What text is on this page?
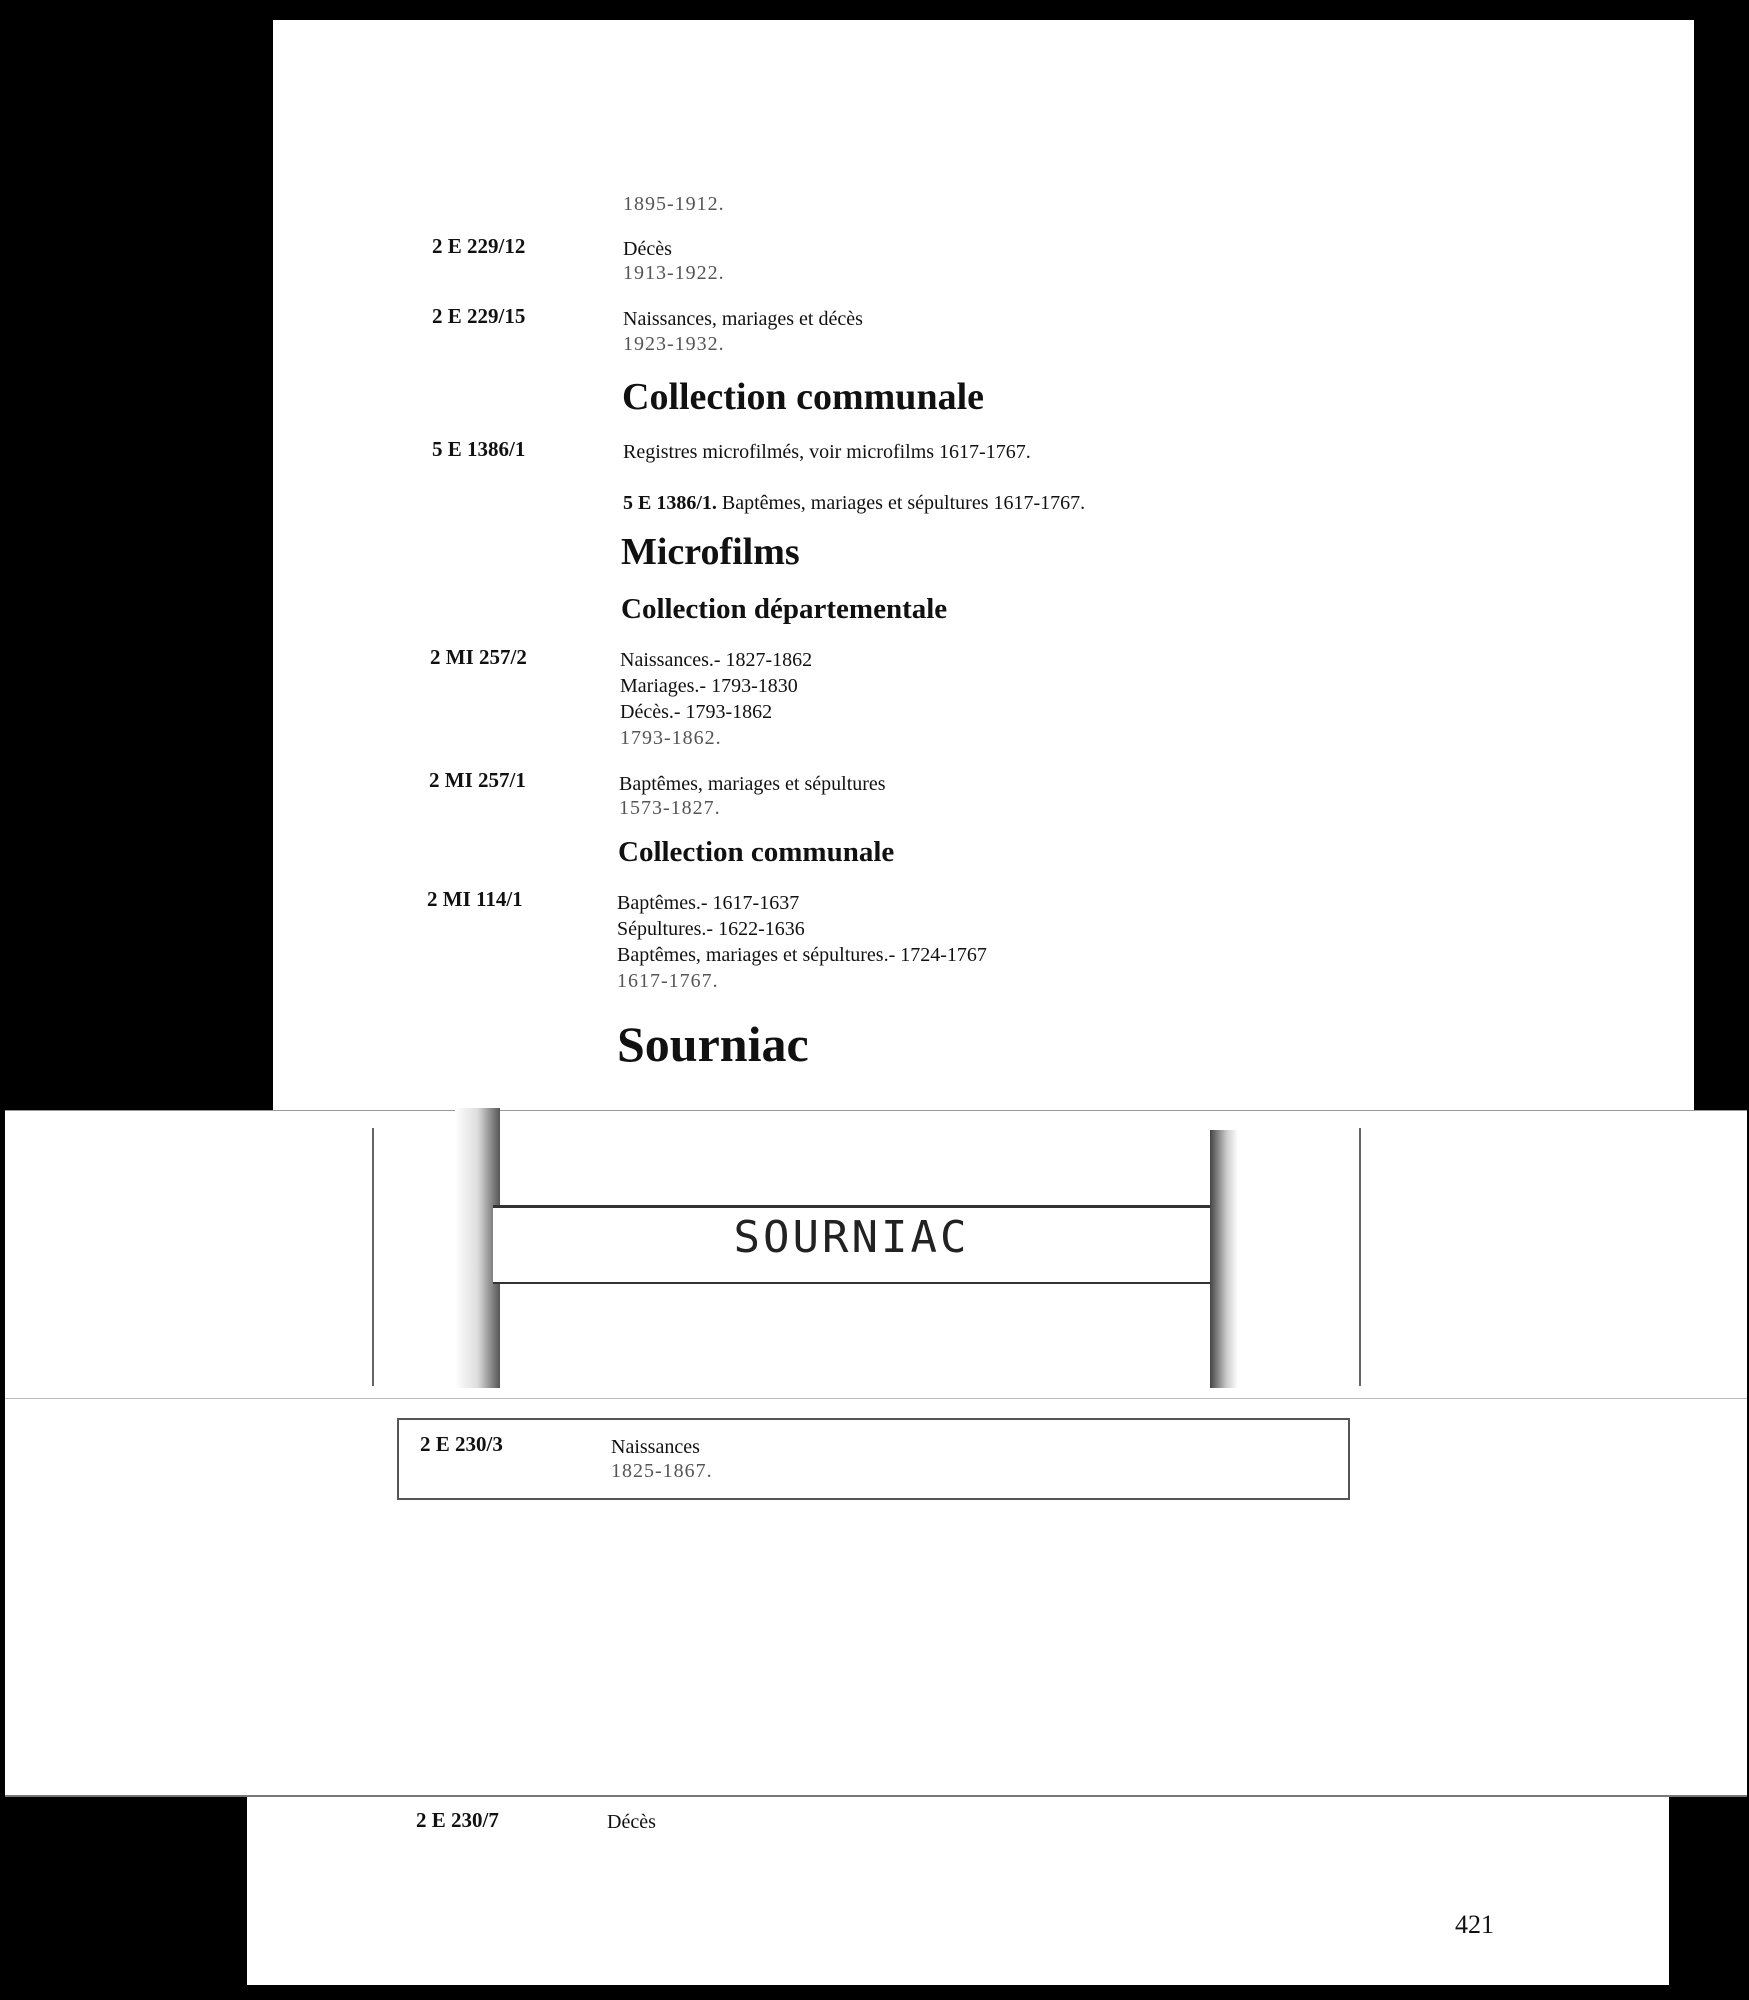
1895-1912.
2 E 229/12	Décès
1913-1922.
2 E 229/15	Naissances, mariages et décès
1923-1932.
Collection communale
5 E 1386/1	Registres microfilmés, voir microfilms 1617-1767.
5 E 1386/1. Baptêmes, mariages et sépultures 1617-1767.
Microfilms
Collection départementale
2 MI 257/2	Naissances.- 1827-1862
Mariages.- 1793-1830
Décès.- 1793-1862
1793-1862.
2 MI 257/1	Baptêmes, mariages et sépultures
1573-1827.
Collection communale
2 MI 114/1	Baptêmes.- 1617-1637
Sépultures.- 1622-1636
Baptêmes, mariages et sépultures.- 1724-1767
1617-1767.
Sourniac
SOURNIAC
2 E 230/3	Naissances
1825-1867.
2 E 230/7	Décès
421
